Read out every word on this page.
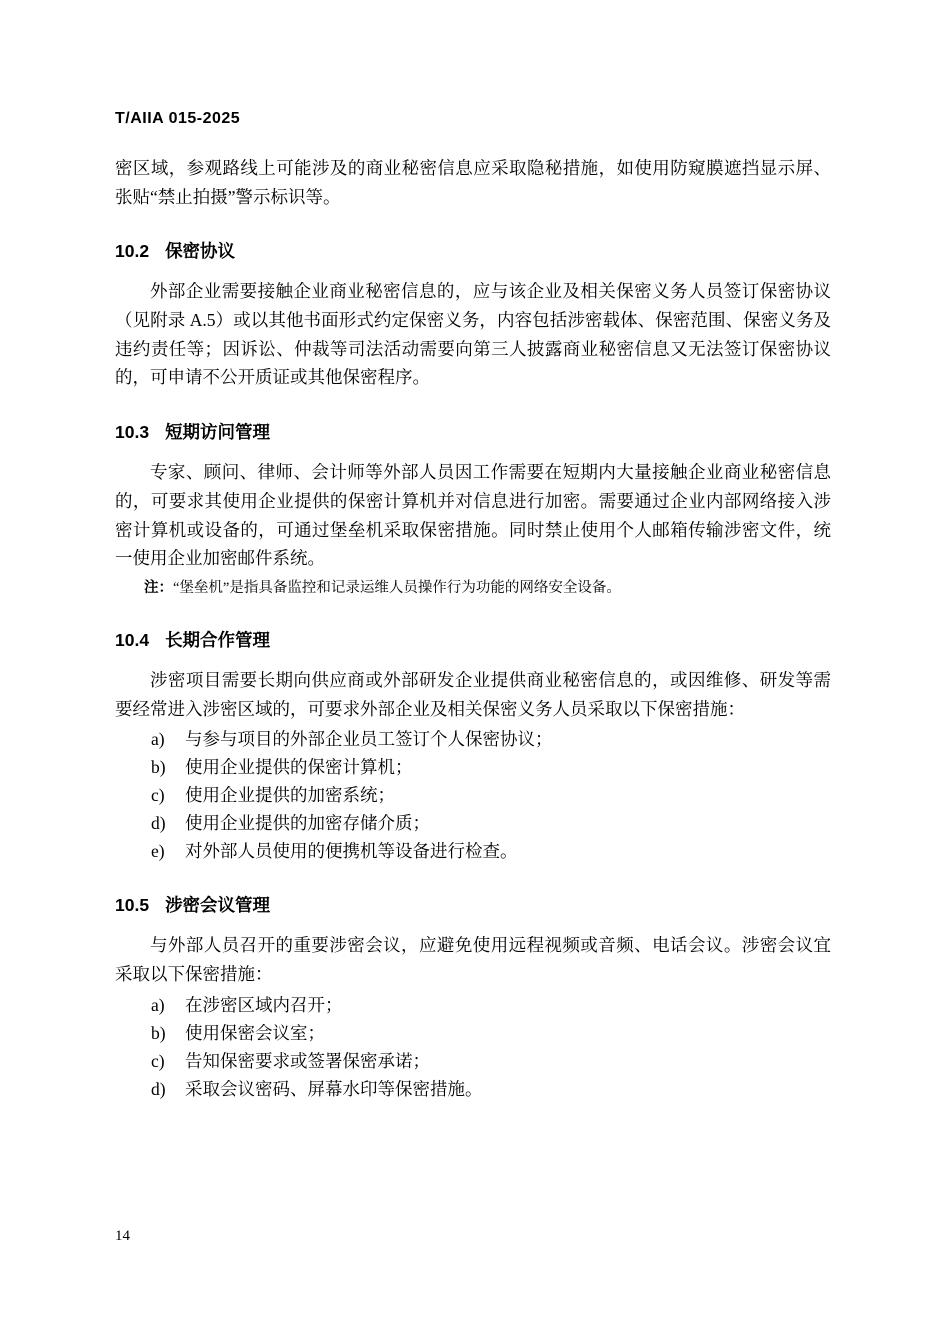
T/AIIA 015-2025

密区域，参观路线上可能涉及的商业秘密信息应采取隐秘措施，如使用防窥膜遮挡显示屏、张贴“禁止拍摄”警示标识等。

10.2 保密协议

外部企业需要接触企业商业秘密信息的，应与该企业及相关保密义务人员签订保密协议（见附录 A.5）或以其他书面形式约定保密义务，内容包括涉密载体、保密范围、保密义务及违约责任等；因诉讼、仲裁等司法活动需要向第三人披露商业秘密信息又无法签订保密协议的，可申请不公开质证或其他保密程序。

10.3 短期访问管理

专家、顾问、律师、会计师等外部人员因工作需要在短期内大量接触企业商业秘密信息的，可要求其使用企业提供的保密计算机并对信息进行加密。需要通过企业内部网络接入涉密计算机或设备的，可通过堡垒机采取保密措施。同时禁止使用个人邮箱传输涉密文件，统一使用企业加密邮件系统。

注：“堡垒机”是指具备监控和记录运维人员操作行为功能的网络安全设备。

10.4 长期合作管理

涉密项目需要长期向供应商或外部研发企业提供商业秘密信息的，或因维修、研发等需要经常进入涉密区域的，可要求外部企业及相关保密义务人员采取以下保密措施：

a) 与参与项目的外部企业员工签订个人保密协议；
b) 使用企业提供的保密计算机；
c) 使用企业提供的加密系统；
d) 使用企业提供的加密存储介质；
e) 对外部人员使用的便携机等设备进行检查。
10.5 涉密会议管理

与外部人员召开的重要涉密会议，应避免使用远程视频或音频、电话会议。涉密会议宜采取以下保密措施：

a) 在涉密区域内召开；
b) 使用保密会议室；
c) 告知保密要求或签署保密承诺；
d) 采取会议密码、屏幕水印等保密措施。
14
